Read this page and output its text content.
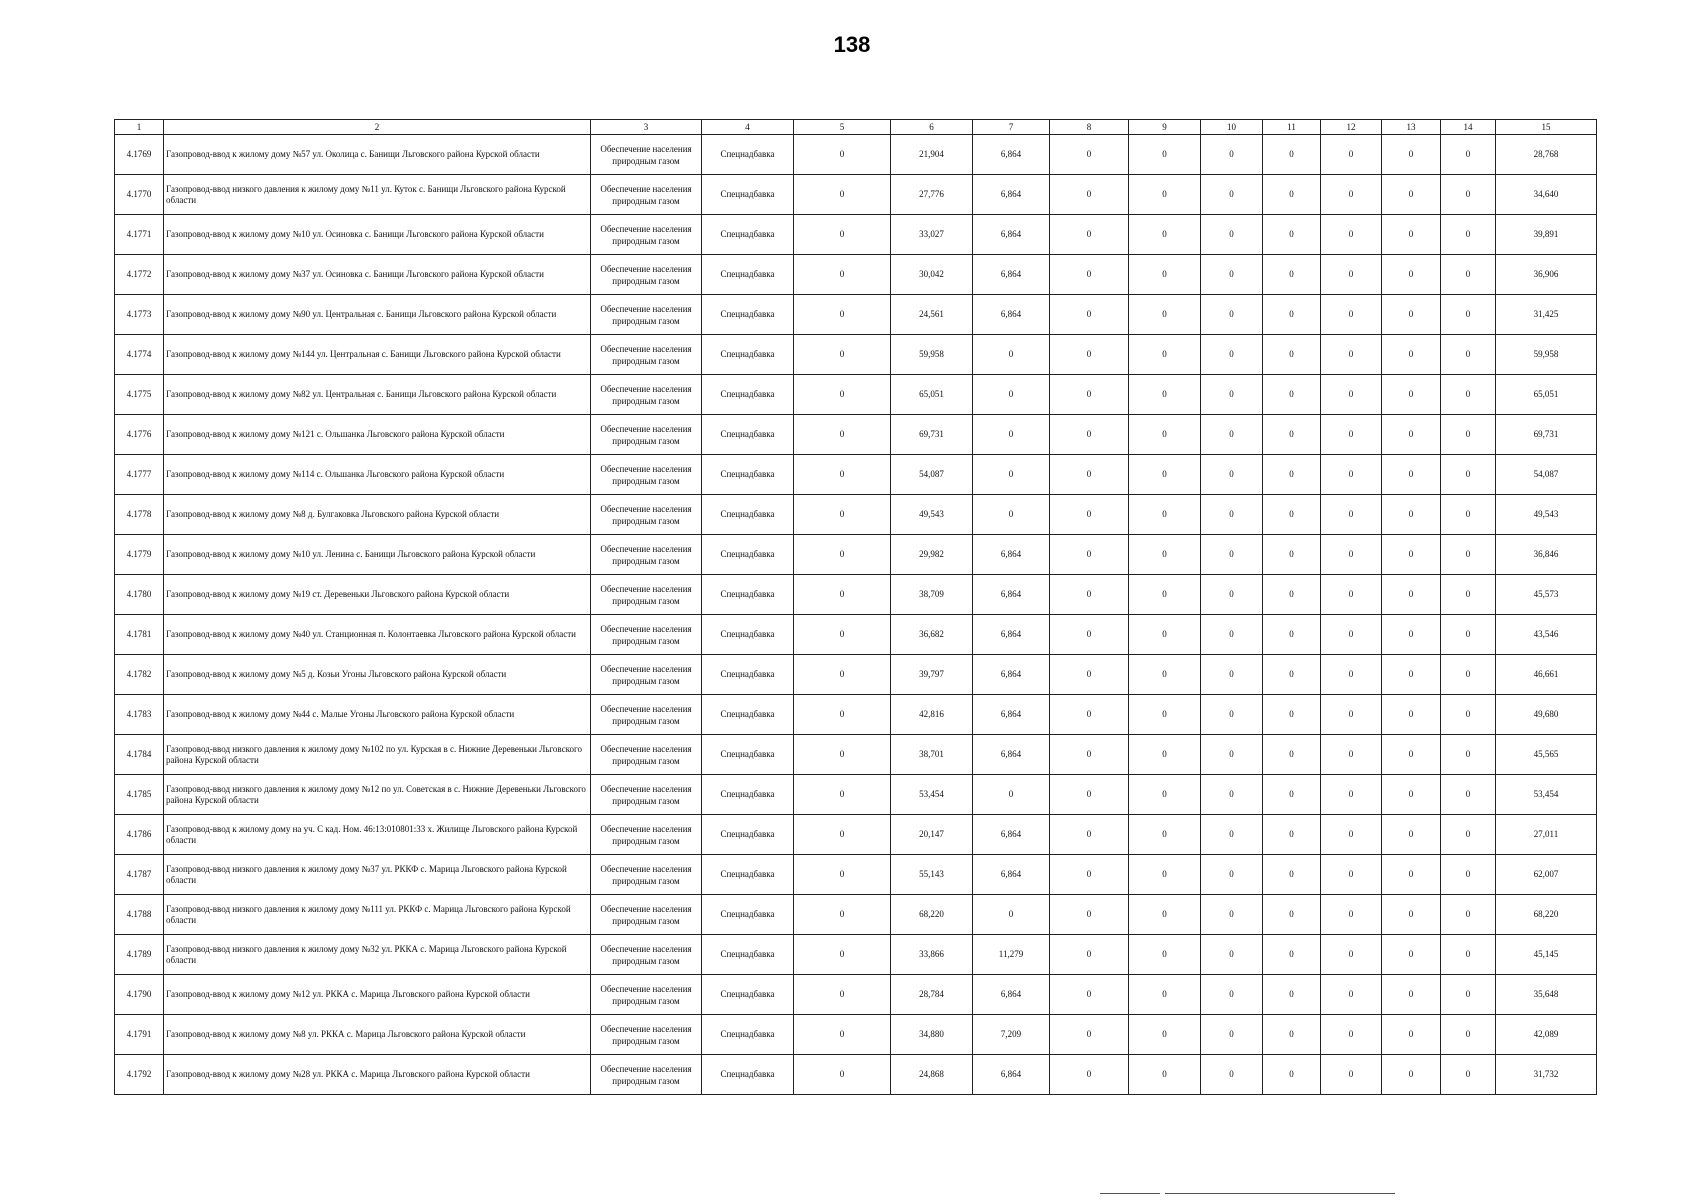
138
1	2	3	4	5	6	7	8	9	10	11	12	13	14	15
4.1769	Газопровод-ввод к жилому дому №57 ул. Околица с. Банищи Льговского района Курской области	Обеспечение населения природным газом	Спецнадбавка	0	21,904	6,864	0	0	0	0	0	0	0	28,768
4.1770	Газопровод-ввод низкого давления к жилому дому №11 ул. Куток с. Банищи Льговского района Курской области	Обеспечение населения природным газом	Спецнадбавка	0	27,776	6,864	0	0	0	0	0	0	0	34,640
4.1771	Газопровод-ввод к жилому дому №10 ул. Осиновка с. Банищи Льговского района Курской области	Обеспечение населения природным газом	Спецнадбавка	0	33,027	6,864	0	0	0	0	0	0	0	39,891
4.1772	Газопровод-ввод к жилому дому №37 ул. Осиновка с. Банищи Льговского района Курской области	Обеспечение населения природным газом	Спецнадбавка	0	30,042	6,864	0	0	0	0	0	0	0	36,906
4.1773	Газопровод-ввод к жилому дому №90 ул. Центральная с. Банищи Льговского района Курской области	Обеспечение населения природным газом	Спецнадбавка	0	24,561	6,864	0	0	0	0	0	0	0	31,425
4.1774	Газопровод-ввод к жилому дому №144 ул. Центральная с. Банищи Льговского района Курской области	Обеспечение населения природным газом	Спецнадбавка	0	59,958	0	0	0	0	0	0	0	0	59,958
4.1775	Газопровод-ввод к жилому дому №82 ул. Центральная с. Банищи Льговского района Курской области	Обеспечение населения природным газом	Спецнадбавка	0	65,051	0	0	0	0	0	0	0	0	65,051
4.1776	Газопровод-ввод к жилому дому №121 с. Ольшанка Льговского района Курской области	Обеспечение населения природным газом	Спецнадбавка	0	69,731	0	0	0	0	0	0	0	0	69,731
4.1777	Газопровод-ввод к жилому дому №114 с. Ольшанка Льговского района Курской области	Обеспечение населения природным газом	Спецнадбавка	0	54,087	0	0	0	0	0	0	0	0	54,087
4.1778	Газопровод-ввод к жилому дому №8 д. Булгаковка Льговского района Курской области	Обеспечение населения природным газом	Спецнадбавка	0	49,543	0	0	0	0	0	0	0	0	49,543
4.1779	Газопровод-ввод к жилому дому №10 ул. Ленина с. Банищи Льговского района Курской области	Обеспечение населения природным газом	Спецнадбавка	0	29,982	6,864	0	0	0	0	0	0	0	36,846
4.1780	Газопровод-ввод к жилому дому №19 ст. Деревеньки Льговского района Курской области	Обеспечение населения природным газом	Спецнадбавка	0	38,709	6,864	0	0	0	0	0	0	0	45,573
4.1781	Газопровод-ввод к жилому дому №40 ул. Станционная п. Колонтаевка Льговского района Курской области	Обеспечение населения природным газом	Спецнадбавка	0	36,682	6,864	0	0	0	0	0	0	0	43,546
4.1782	Газопровод-ввод к жилому дому №5 д. Козьи Угоны Льговского района Курской области	Обеспечение населения природным газом	Спецнадбавка	0	39,797	6,864	0	0	0	0	0	0	0	46,661
4.1783	Газопровод-ввод к жилому дому №44 с. Малые Угоны Льговского района Курской области	Обеспечение населения природным газом	Спецнадбавка	0	42,816	6,864	0	0	0	0	0	0	0	49,680
4.1784	Газопровод-ввод низкого давления к жилому дому №102 по ул. Курская в с. Нижние Деревеньки Льговского района Курской области	Обеспечение населения природным газом	Спецнадбавка	0	38,701	6,864	0	0	0	0	0	0	0	45,565
4.1785	Газопровод-ввод низкого давления к жилому дому №12 по ул. Советская в с. Нижние Деревеньки Льговского района Курской области	Обеспечение населения природным газом	Спецнадбавка	0	53,454	0	0	0	0	0	0	0	0	53,454
4.1786	Газопровод-ввод к жилому дому на уч. С кад. Ном. 46:13:010801:33 х. Жилище Льговского района Курской области	Обеспечение населения природным газом	Спецнадбавка	0	20,147	6,864	0	0	0	0	0	0	0	27,011
4.1787	Газопровод-ввод низкого давления к жилому дому №37 ул. РККФ с. Марица Льговского района Курской области	Обеспечение населения природным газом	Спецнадбавка	0	55,143	6,864	0	0	0	0	0	0	0	62,007
4.1788	Газопровод-ввод низкого давления к жилому дому №111 ул. РККФ с. Марица Льговского района Курской области	Обеспечение населения природным газом	Спецнадбавка	0	68,220	0	0	0	0	0	0	0	0	68,220
4.1789	Газопровод-ввод низкого давления к жилому дому №32 ул. РККА с. Марица Льговского района Курской области	Обеспечение населения природным газом	Спецнадбавка	0	33,866	11,279	0	0	0	0	0	0	0	45,145
4.1790	Газопровод-ввод к жилому дому №12 ул. РККА с. Марица Льговского района Курской области	Обеспечение населения природным газом	Спецнадбавка	0	28,784	6,864	0	0	0	0	0	0	0	35,648
4.1791	Газопровод-ввод к жилому дому №8 ул. РККА с. Марица Льговского района Курской области	Обеспечение населения природным газом	Спецнадбавка	0	34,880	7,209	0	0	0	0	0	0	0	42,089
4.1792	Газопровод-ввод к жилому дому №28 ул. РККА с. Марица Льговского района Курской области	Обеспечение населения природным газом	Спецнадбавка	0	24,868	6,864	0	0	0	0	0	0	0	31,732
